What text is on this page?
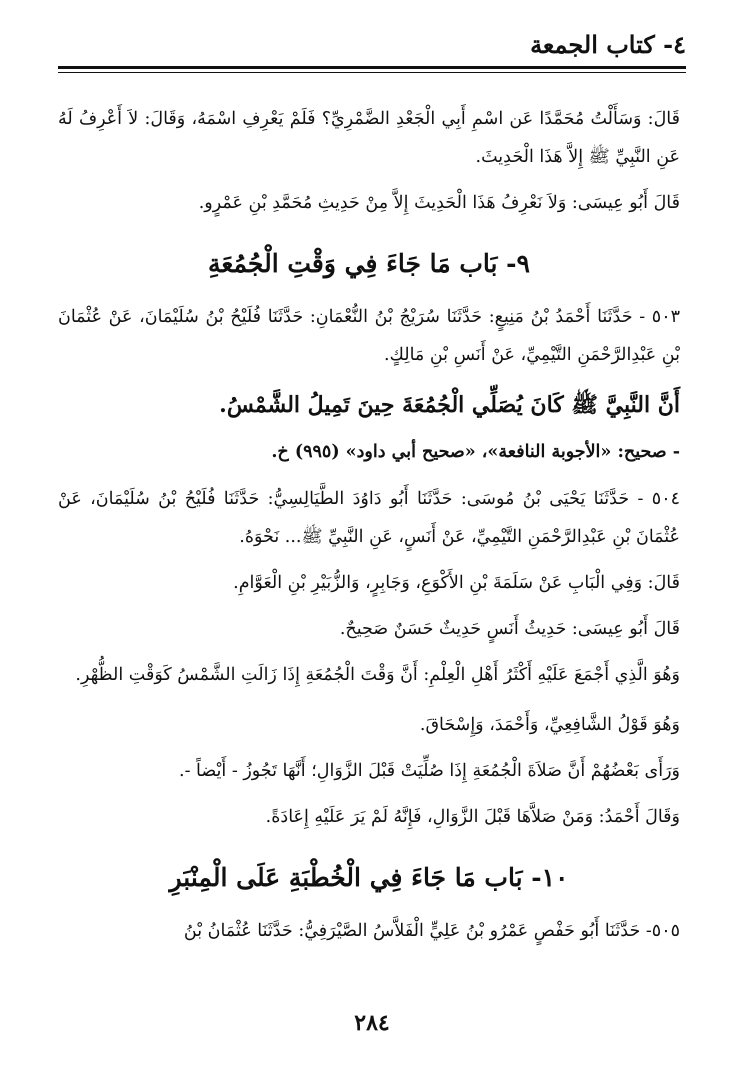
٤- كتاب الجمعة

قَالَ: وَسَأَلْتُ مُحَمَّدًا عَن اسْمِ أَبِي الْجَعْدِ الضَّمْرِيِّ؟ فَلَمْ يَعْرِفِ اسْمَهُ، وَقَالَ: لاَ أَعْرِفُ لَهُ عَنِ النَّبِيِّ ﷺ إِلاَّ هَذَا الْحَدِيثَ.

قَالَ أَبُو عِيسَى: وَلاَ نَعْرِفُ هَذَا الْحَدِيثَ إِلاَّ مِنْ حَدِيثِ مُحَمَّدِ بْنِ عَمْرٍو.

٩- بَاب مَا جَاءَ فِي وَقْتِ الْجُمُعَةِ

٥٠٣ - حَدَّثَنَا أَحْمَدُ بْنُ مَنِيعٍ: حَدَّثَنَا سُرَيْجُ بْنُ النُّعْمَانِ: حَدَّثَنَا فُلَيْحُ بْنُ سُلَيْمَانَ، عَنْ عُثْمَانَ بْنِ عَبْدِالرَّحْمَنِ التَّيْمِيِّ، عَنْ أَنَسِ بْنِ مَالِكٍ.

أَنَّ النَّبِيَّ ﷺ كَانَ يُصَلِّي الْجُمُعَةَ حِينَ تَمِيلُ الشَّمْسُ.

- صحيح: «الأجوبة النافعة»، «صحيح أبي داود» (٩٩٥) خ.

٥٠٤ - حَدَّثَنَا يَحْيَى بْنُ مُوسَى: حَدَّثَنَا أَبُو دَاوُدَ الطَّيَالِسِيُّ: حَدَّثَنَا فُلَيْحُ بْنُ سُلَيْمَانَ، عَنْ عُثْمَانَ بْنِ عَبْدِالرَّحْمَنِ التَّيْمِيِّ، عَنْ أَنَسٍ، عَنِ النَّبِيِّ ﷺ... نَحْوَهُ.

قَالَ: وَفِي الْبَابِ عَنْ سَلَمَةَ بْنِ الأَكْوَعِ، وَجَابِرٍ، وَالزُّبَيْرِ بْنِ الْعَوَّامِ.

قَالَ أَبُو عِيسَى: حَدِيثُ أَنَسٍ حَدِيثٌ حَسَنٌ صَحِيحٌ.

وَهُوَ الَّذِي أَجْمَعَ عَلَيْهِ أَكْثَرُ أَهْلِ الْعِلْمِ: أَنَّ وَقْتَ الْجُمُعَةِ إِذَا زَالَتِ الشَّمْسُ كَوَقْتِ الظُّهْرِ.

وَهُوَ قَوْلُ الشَّافِعِيِّ، وَأَحْمَدَ، وَإِسْحَاقَ.

وَرَأَى بَعْضُهُمْ أَنَّ صَلاَةَ الْجُمُعَةِ إِذَا صُلِّيَتْ قَبْلَ الزَّوَالِ؛ أَنَّهَا تَجُوزُ - أَيْضاً -.

وَقَالَ أَحْمَدُ: وَمَنْ صَلاَّهَا قَبْلَ الزَّوَالِ، فَإِنَّهُ لَمْ يَرَ عَلَيْهِ إِعَادَةً.

١٠- بَاب مَا جَاءَ فِي الْخُطْبَةِ عَلَى الْمِنْبَرِ

٥٠٥- حَدَّثَنَا أَبُو حَفْصٍ عَمْرُو بْنُ عَلِيٍّ الْفَلاَّسُ الصَّيْرَفِيُّ: حَدَّثَنَا عُثْمَانُ بْنُ

٢٨٤
